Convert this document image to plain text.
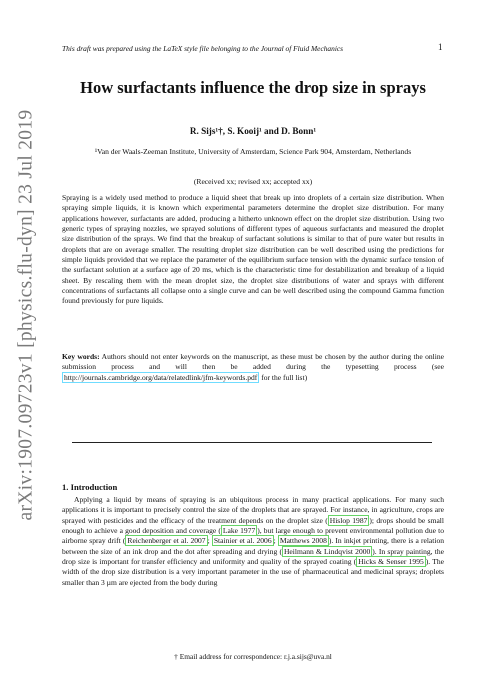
This draft was prepared using the LaTeX style file belonging to the Journal of Fluid Mechanics	1
arXiv:1907.09723v1 [physics.flu-dyn] 23 Jul 2019
How surfactants influence the drop size in sprays
R. Sijs¹†, S. Kooij¹ and D. Bonn¹
¹Van der Waals-Zeeman Institute, University of Amsterdam, Science Park 904, Amsterdam, Netherlands
(Received xx; revised xx; accepted xx)

Spraying is a widely used method to produce a liquid sheet that break up into droplets of a certain size distribution. When spraying simple liquids, it is known which experimental parameters determine the droplet size distribution. For many applications however, surfactants are added, producing a hitherto unknown effect on the droplet size distribution. Using two generic types of spraying nozzles, we sprayed solutions of different types of aqueous surfactants and measured the droplet size distribution of the sprays. We find that the breakup of surfactant solutions is similar to that of pure water but results in droplets that are on average smaller. The resulting droplet size distribution can be well described using the predictions for simple liquids provided that we replace the parameter of the equilibrium surface tension with the dynamic surface tension of the surfactant solution at a surface age of 20 ms, which is the characteristic time for destabilization and breakup of a liquid sheet. By rescaling them with the mean droplet size, the droplet size distributions of water and sprays with different concentrations of surfactants all collapse onto a single curve and can be well described using the compound Gamma function found previously for pure liquids.

Key words: Authors should not enter keywords on the manuscript, as these must be chosen by the author during the online submission process and will then be added during the typesetting process (see http://journals.cambridge.org/data/relatedlink/jfm-keywords.pdf for the full list)

1. Introduction

Applying a liquid by means of spraying is an ubiquitous process in many practical applications. For many such applications it is important to precisely control the size of the droplets that are sprayed. For instance, in agriculture, crops are sprayed with pesticides and the efficacy of the treatment depends on the droplet size ( Hislop 1987 ); drops should be small enough to achieve a good deposition and coverage ( Lake 1977 ), but large enough to prevent environmental pollution due to airborne spray drift ( Reichenberger et al. 2007 ; Stainier et al. 2006 ; Matthews 2008 ). In inkjet printing, there is a relation between the size of an ink drop and the dot after spreading and drying ( Heilmann & Lindqvist 2000 ). In spray painting, the drop size is important for transfer efficiency and uniformity and quality of the sprayed coating ( Hicks & Senser 1995 ). The width of the drop size distribution is a very important parameter in the use of pharmaceutical and medicinal sprays; droplets smaller than 3 µm are ejected from the body during

† Email address for correspondence: r.j.a.sijs@uva.nl
